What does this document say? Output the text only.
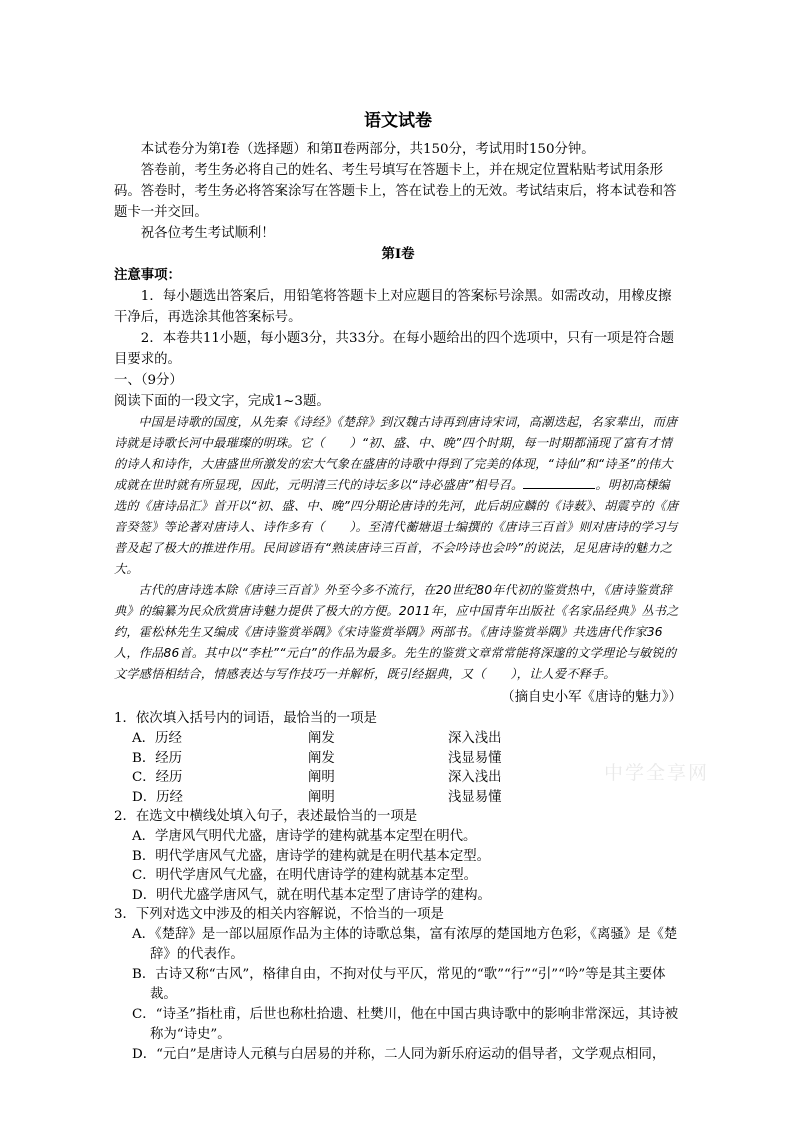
语文试卷

本试卷分为第Ⅰ卷（选择题）和第Ⅱ卷两部分，共150分，考试用时150分钟。

答卷前，考生务必将自己的姓名、考生号填写在答题卡上，并在规定位置粘贴考试用条形码。答卷时，考生务必将答案涂写在答题卡上，答在试卷上的无效。考试结束后，将本试卷和答题卡一并交回。

祝各位考生考试顺利！

第Ⅰ卷

注意事项：

1．每小题选出答案后，用铅笔将答题卡上对应题目的答案标号涂黑。如需改动，用橡皮擦干净后，再选涂其他答案标号。

2．本卷共11小题，每小题3分，共33分。在每小题给出的四个选项中，只有一项是符合题目要求的。

一、（9分）

阅读下面的一段文字，完成1~3题。

中国是诗歌的国度，从先秦《诗经》《楚辞》到汉魏古诗再到唐诗宋词，高潮迭起，名家辈出，而唐诗就是诗歌长河中最璀璨的明珠。它（　　）“初、盛、中、晚”四个时期，每一时期都涌现了富有才情的诗人和诗作，大唐盛世所激发的宏大气象在盛唐的诗歌中得到了完美的体现，“诗仙”和“诗圣”的伟大成就在世时就有所显现，因此，元明清三代的诗坛多以“诗必盛唐”相号召。	。明初高棅编选的《唐诗品汇》首开以“初、盛、中、晚”四分期论唐诗的先河，此后胡应麟的《诗薮》、胡震亨的《唐音癸签》等论著对唐诗人、诗作多有（　　）。至清代蘅塘退士编撰的《唐诗三百首》则对唐诗的学习与普及起了极大的推进作用。民间谚语有“熟读唐诗三百首，不会吟诗也会吟”的说法，足见唐诗的魅力之大。

古代的唐诗选本除《唐诗三百首》外至今多不流行，在20世纪80年代初的鉴赏热中，《唐诗鉴赏辞典》的编纂为民众欣赏唐诗魅力提供了极大的方便。2011年，应中国青年出版社《名家品经典》丛书之约，霍松林先生又编成《唐诗鉴赏举隅》《宋诗鉴赏举隅》两部书。《唐诗鉴赏举隅》共选唐代作家36人，作品86首。其中以“李杜”“元白”的作品为最多。先生的鉴赏文章常常能将深邃的文学理论与敏锐的文学感悟相结合，情感表达与写作技巧一并解析，既引经据典，又（　　），让人爱不释手。

（摘自史小军《唐诗的魅力》）

1．依次填入括号内的词语，最恰当的一项是

A．历经	阐发	深入浅出
B．经历	阐发	浅显易懂
C．经历	阐明	深入浅出
D．历经	阐明	浅显易懂

2．在选文中横线处填入句子，表述最恰当的一项是

A．学唐风气明代尤盛，唐诗学的建构就基本定型在明代。

B．明代学唐风气尤盛，唐诗学的建构就是在明代基本定型。

C．明代学唐风气尤盛，在明代唐诗学的建构就基本定型。

D．明代尤盛学唐风气，就在明代基本定型了唐诗学的建构。

3．下列对选文中涉及的相关内容解说，不恰当的一项是

A．《楚辞》是一部以屈原作品为主体的诗歌总集，富有浓厚的楚国地方色彩，《离骚》是《楚辞》的代表作。

B．古诗又称“古风”，格律自由，不拘对仗与平仄，常见的“歌”“行”“引”“吟”等是其主要体裁。

C．“诗圣”指杜甫，后世也称杜拾遗、杜樊川，他在中国古典诗歌中的影响非常深远，其诗被称为“诗史”。

D．“元白”是唐诗人元稹与白居易的并称，二人同为新乐府运动的倡导者，文学观点相同，

中学全享网
